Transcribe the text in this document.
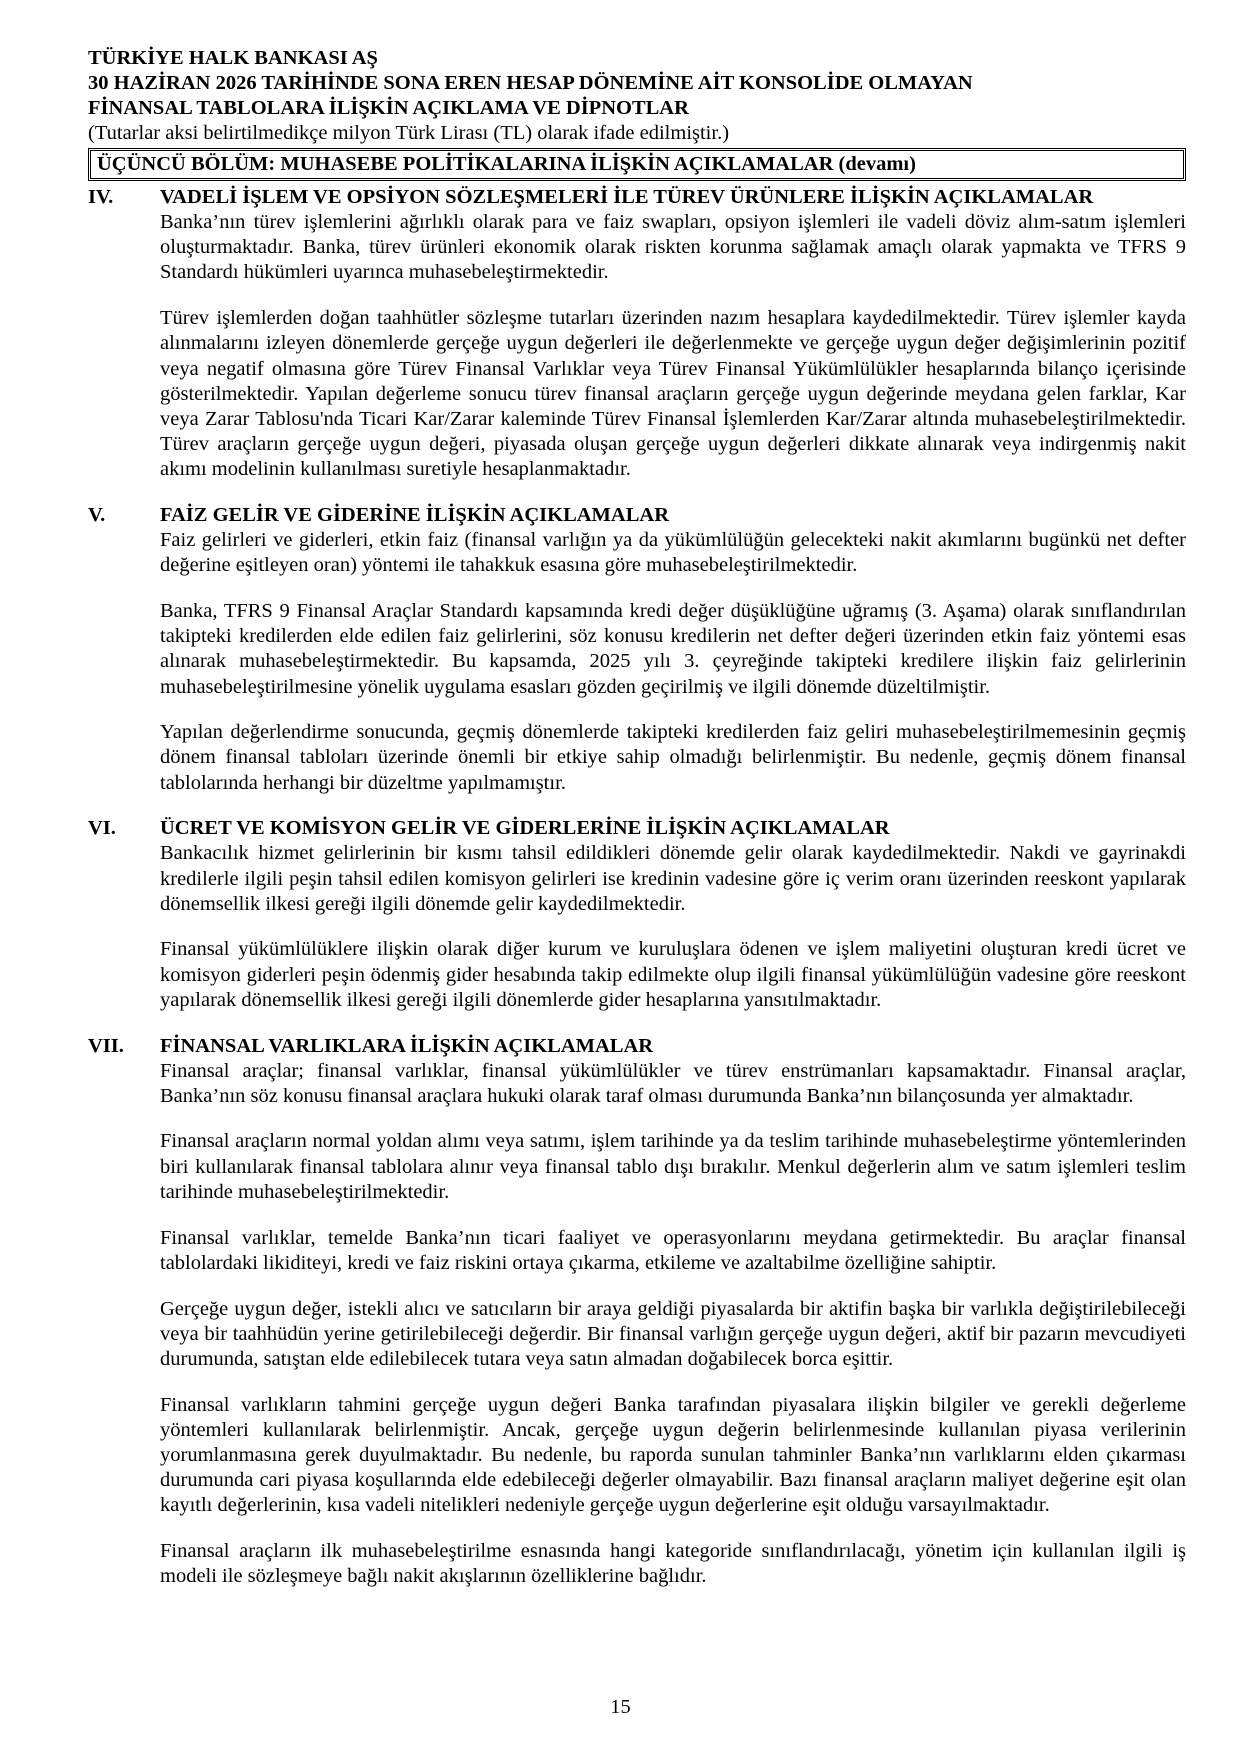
TÜRKİYE HALK BANKASI AŞ

30 HAZİRAN 2026 TARİHİNDE SONA EREN HESAP DÖNEMİNE AİT KONSOLİDE OLMAYAN

FİNANSAL TABLOLARA İLİŞKİN AÇIKLAMA VE DİPNOTLAR

(Tutarlar aksi belirtilmedikçe milyon Türk Lirası (TL) olarak ifade edilmiştir.)

ÜÇÜNCÜ BÖLÜM: MUHASEBE POLİTİKALARINA İLİŞKİN AÇIKLAMALAR (devamı)
IV.	VADELİ İŞLEM VE OPSİYON SÖZLEŞMELERİ İLE TÜREV ÜRÜNLERE İLİŞKİN AÇIKLAMALAR

Banka’nın türev işlemlerini ağırlıklı olarak para ve faiz swapları, opsiyon işlemleri ile vadeli döviz alım-satım işlemleri oluşturmaktadır. Banka, türev ürünleri ekonomik olarak riskten korunma sağlamak amaçlı olarak yapmakta ve TFRS 9 Standardı hükümleri uyarınca muhasebeleştirmektedir.

Türev işlemlerden doğan taahhütler sözleşme tutarları üzerinden nazım hesaplara kaydedilmektedir. Türev işlemler kayda alınmalarını izleyen dönemlerde gerçeğe uygun değerleri ile değerlenmekte ve gerçeğe uygun değer değişimlerinin pozitif veya negatif olmasına göre Türev Finansal Varlıklar veya Türev Finansal Yükümlülükler hesaplarında bilanço içerisinde gösterilmektedir. Yapılan değerleme sonucu türev finansal araçların gerçeğe uygun değerinde meydana gelen farklar, Kar veya Zarar Tablosu'nda Ticari Kar/Zarar kaleminde Türev Finansal İşlemlerden Kar/Zarar altında muhasebeleştirilmektedir. Türev araçların gerçeğe uygun değeri, piyasada oluşan gerçeğe uygun değerleri dikkate alınarak veya indirgenmiş nakit akımı modelinin kullanılması suretiyle hesaplanmaktadır.

V.	FAİZ GELİR VE GİDERİNE İLİŞKİN AÇIKLAMALAR

Faiz gelirleri ve giderleri, etkin faiz (finansal varlığın ya da yükümlülüğün gelecekteki nakit akımlarını bugünkü net defter değerine eşitleyen oran) yöntemi ile tahakkuk esasına göre muhasebeleştirilmektedir.

Banka, TFRS 9 Finansal Araçlar Standardı kapsamında kredi değer düşüklüğüne uğramış (3. Aşama) olarak sınıflandırılan takipteki kredilerden elde edilen faiz gelirlerini, söz konusu kredilerin net defter değeri üzerinden etkin faiz yöntemi esas alınarak muhasebeleştirmektedir. Bu kapsamda, 2025 yılı 3. çeyreğinde takipteki kredilere ilişkin faiz gelirlerinin muhasebeleştirilmesine yönelik uygulama esasları gözden geçirilmiş ve ilgili dönemde düzeltilmiştir.

Yapılan değerlendirme sonucunda, geçmiş dönemlerde takipteki kredilerden faiz geliri muhasebeleştirilmemesinin geçmiş dönem finansal tabloları üzerinde önemli bir etkiye sahip olmadığı belirlenmiştir. Bu nedenle, geçmiş dönem finansal tablolarında herhangi bir düzeltme yapılmamıştır.

VI.	ÜCRET VE KOMİSYON GELİR VE GİDERLERİNE İLİŞKİN AÇIKLAMALAR

Bankacılık hizmet gelirlerinin bir kısmı tahsil edildikleri dönemde gelir olarak kaydedilmektedir. Nakdi ve gayrinakdi kredilerle ilgili peşin tahsil edilen komisyon gelirleri ise kredinin vadesine göre iç verim oranı üzerinden reeskont yapılarak dönemsellik ilkesi gereği ilgili dönemde gelir kaydedilmektedir.

Finansal yükümlülüklere ilişkin olarak diğer kurum ve kuruluşlara ödenen ve işlem maliyetini oluşturan kredi ücret ve komisyon giderleri peşin ödenmiş gider hesabında takip edilmekte olup ilgili finansal yükümlülüğün vadesine göre reeskont yapılarak dönemsellik ilkesi gereği ilgili dönemlerde gider hesaplarına yansıtılmaktadır.

VII.	FİNANSAL VARLIKLARA İLİŞKİN AÇIKLAMALAR

Finansal araçlar; finansal varlıklar, finansal yükümlülükler ve türev enstrümanları kapsamaktadır. Finansal araçlar, Banka’nın söz konusu finansal araçlara hukuki olarak taraf olması durumunda Banka’nın bilançosunda yer almaktadır.

Finansal araçların normal yoldan alımı veya satımı, işlem tarihinde ya da teslim tarihinde muhasebeleştirme yöntemlerinden biri kullanılarak finansal tablolara alınır veya finansal tablo dışı bırakılır. Menkul değerlerin alım ve satım işlemleri teslim tarihinde muhasebeleştirilmektedir.

Finansal varlıklar, temelde Banka’nın ticari faaliyet ve operasyonlarını meydana getirmektedir. Bu araçlar finansal tablolardaki likiditeyi, kredi ve faiz riskini ortaya çıkarma, etkileme ve azaltabilme özelliğine sahiptir.

Gerçeğe uygun değer, istekli alıcı ve satıcıların bir araya geldiği piyasalarda bir aktifin başka bir varlıkla değiştirilebileceği veya bir taahhüdün yerine getirilebileceği değerdir. Bir finansal varlığın gerçeğe uygun değeri, aktif bir pazarın mevcudiyeti durumunda, satıştan elde edilebilecek tutara veya satın almadan doğabilecek borca eşittir.

Finansal varlıkların tahmini gerçeğe uygun değeri Banka tarafından piyasalara ilişkin bilgiler ve gerekli değerleme yöntemleri kullanılarak belirlenmiştir. Ancak, gerçeğe uygun değerin belirlenmesinde kullanılan piyasa verilerinin yorumlanmasına gerek duyulmaktadır. Bu nedenle, bu raporda sunulan tahminler Banka’nın varlıklarını elden çıkarması durumunda cari piyasa koşullarında elde edebileceği değerler olmayabilir. Bazı finansal araçların maliyet değerine eşit olan kayıtlı değerlerinin, kısa vadeli nitelikleri nedeniyle gerçeğe uygun değerlerine eşit olduğu varsayılmaktadır.

Finansal araçların ilk muhasebeleştirilme esnasında hangi kategoride sınıflandırılacağı, yönetim için kullanılan ilgili iş modeli ile sözleşmeye bağlı nakit akışlarının özelliklerine bağlıdır.

15
